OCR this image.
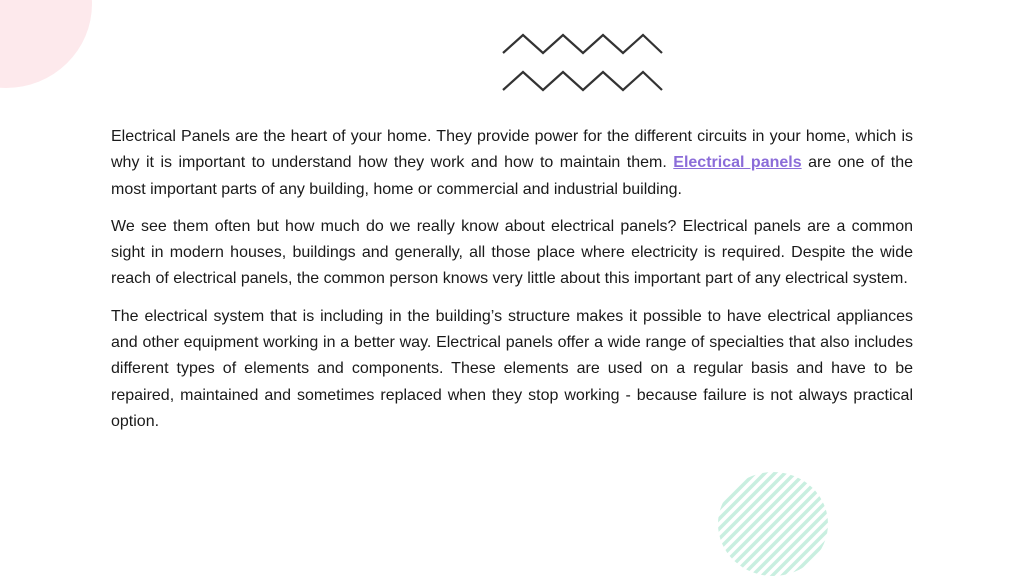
Electrical Panels are the heart of your home. They provide power for the different circuits in your home, which is why it is important to understand how they work and how to maintain them. Electrical panels are one of the most important parts of any building, home or commercial and industrial building.

We see them often but how much do we really know about electrical panels? Electrical panels are a common sight in modern houses, buildings and generally, all those place where electricity is required. Despite the wide reach of electrical panels, the common person knows very little about this important part of any electrical system.

The electrical system that is including in the building’s structure makes it possible to have electrical appliances and other equipment working in a better way. Electrical panels offer a wide range of specialties that also includes different types of elements and components. These elements are used on a regular basis and have to be repaired, maintained and sometimes replaced when they stop working - because failure is not always practical option.
